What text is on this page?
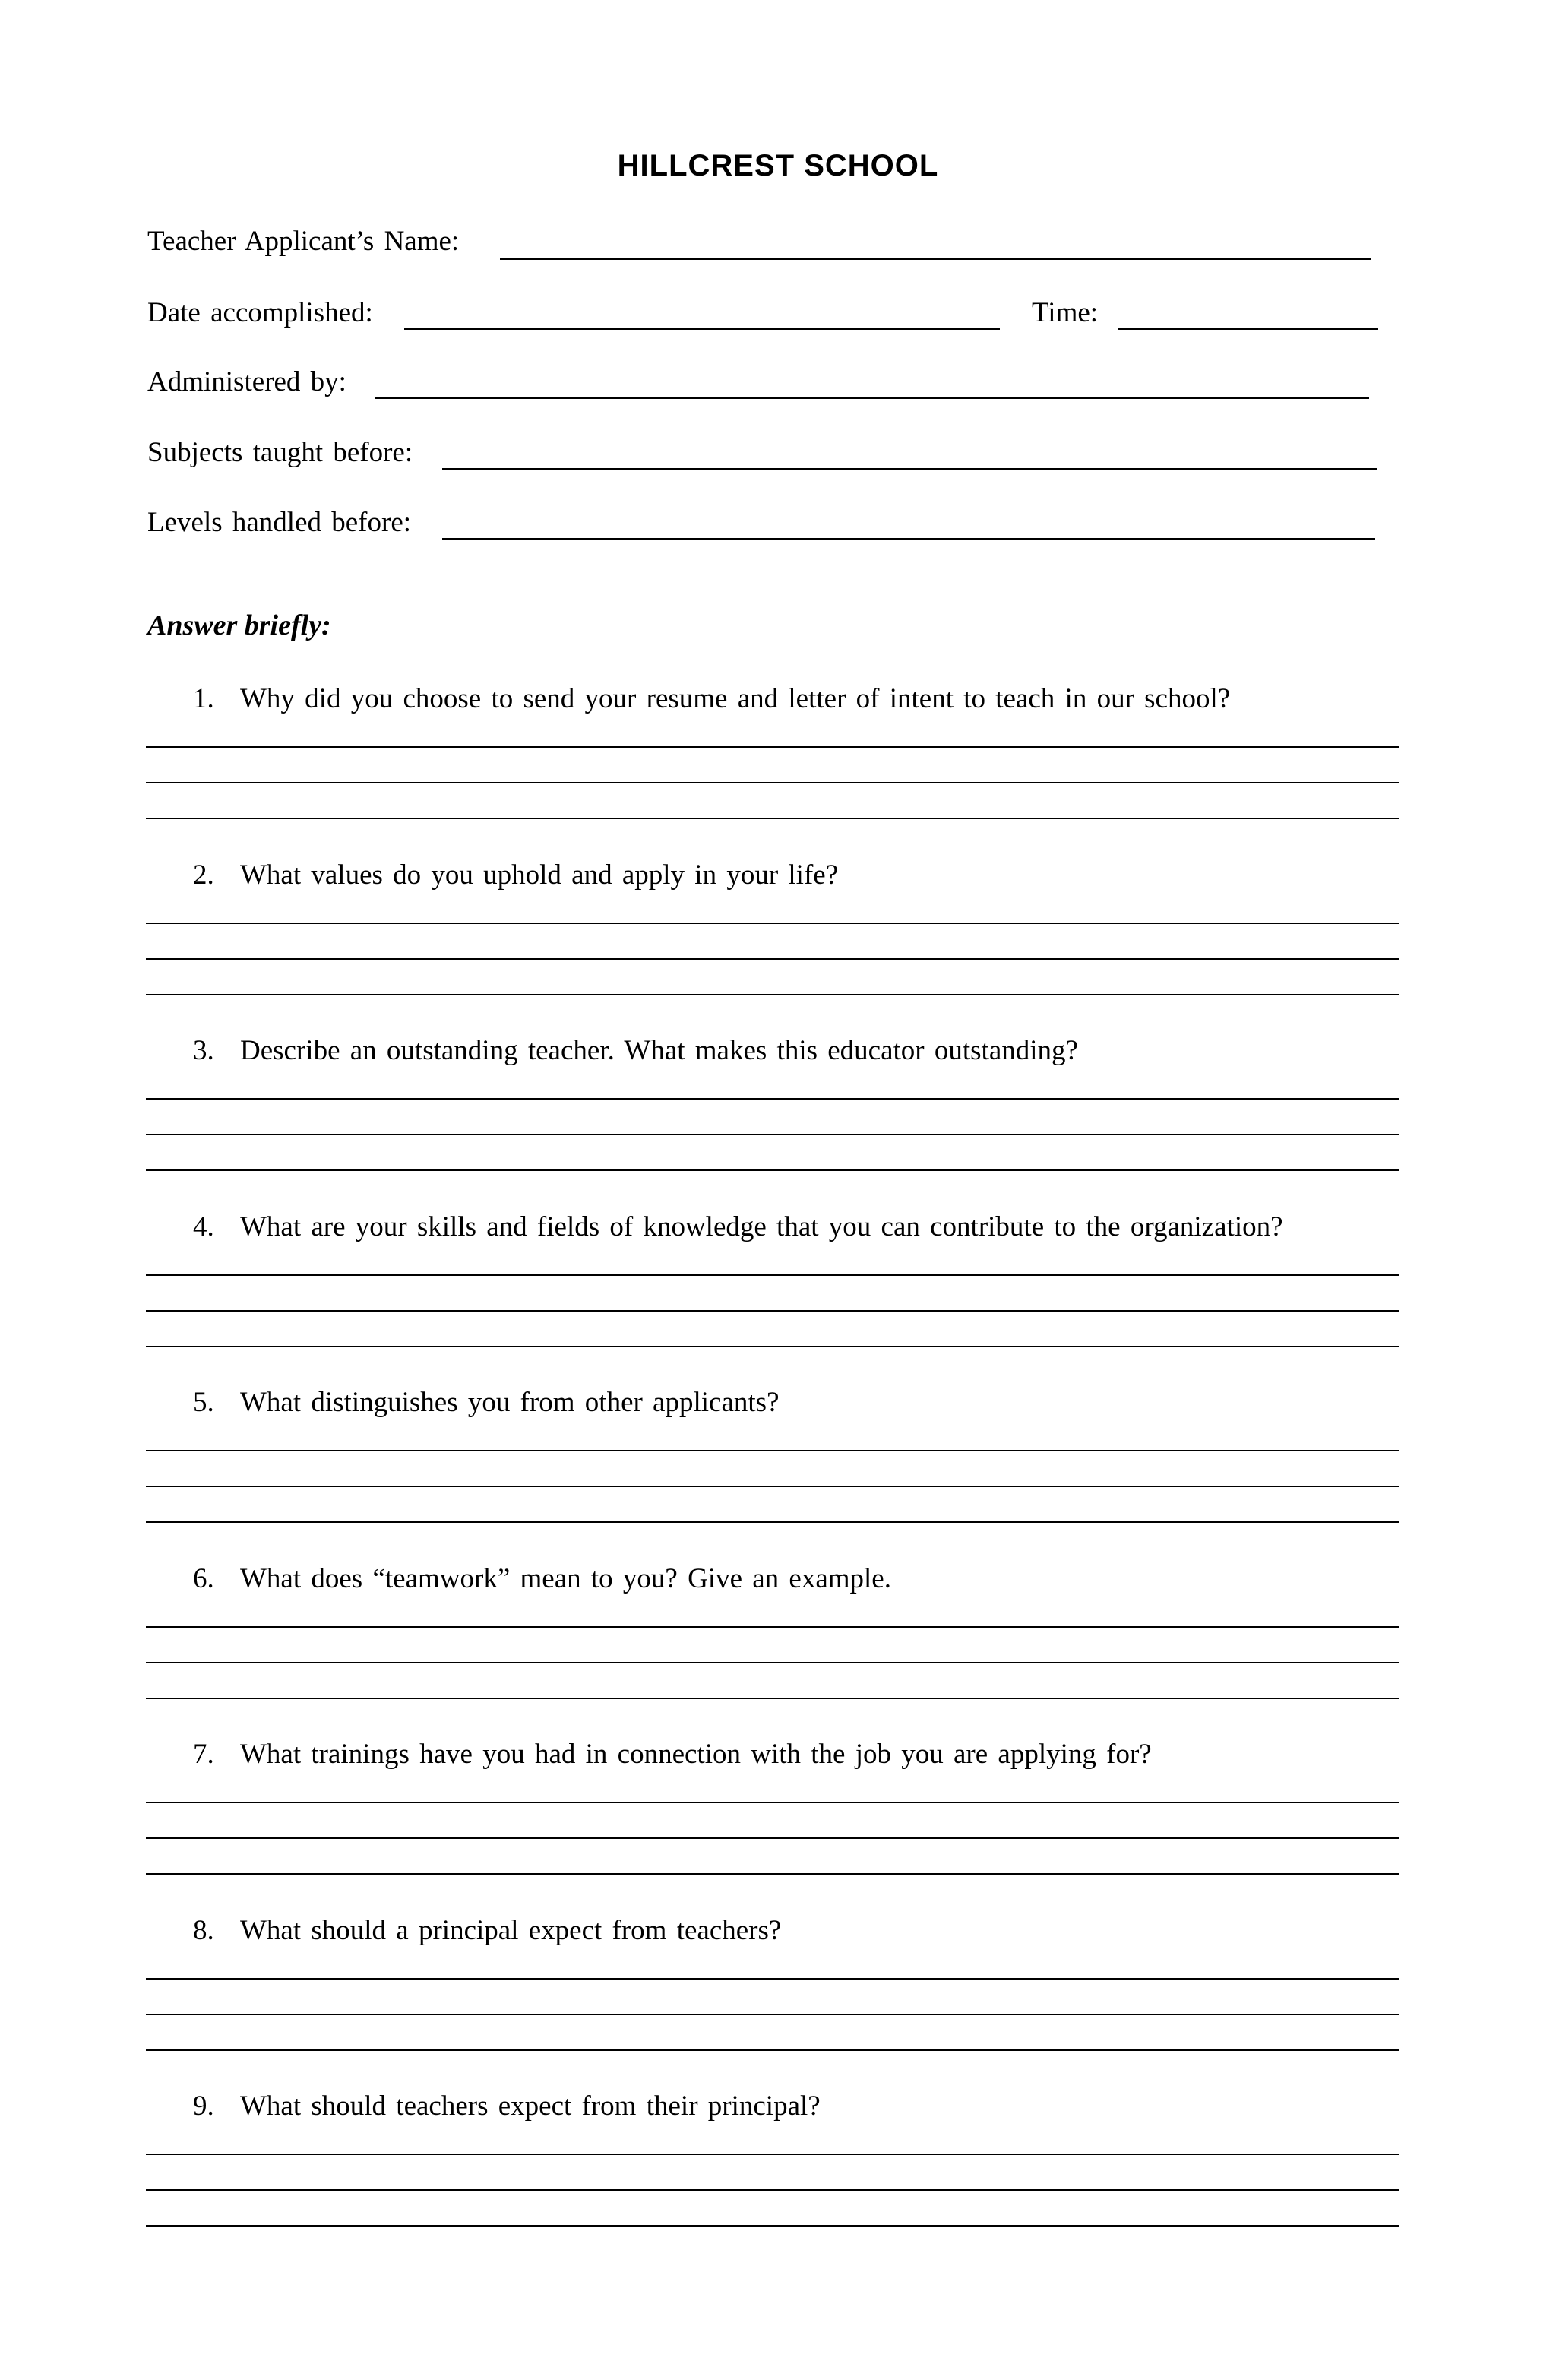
HILLCREST SCHOOL
Teacher Applicant’s Name:
Date accomplished:	Time:
Administered by:
Subjects taught before:
Levels handled before:
Answer briefly:
1. Why did you choose to send your resume and letter of intent to teach in our school?
2. What values do you uphold and apply in your life?
3. Describe an outstanding teacher. What makes this educator outstanding?
4. What are your skills and fields of knowledge that you can contribute to the organization?
5. What distinguishes you from other applicants?
6. What does “teamwork” mean to you? Give an example.
7. What trainings have you had in connection with the job you are applying for?
8. What should a principal expect from teachers?
9. What should teachers expect from their principal?
